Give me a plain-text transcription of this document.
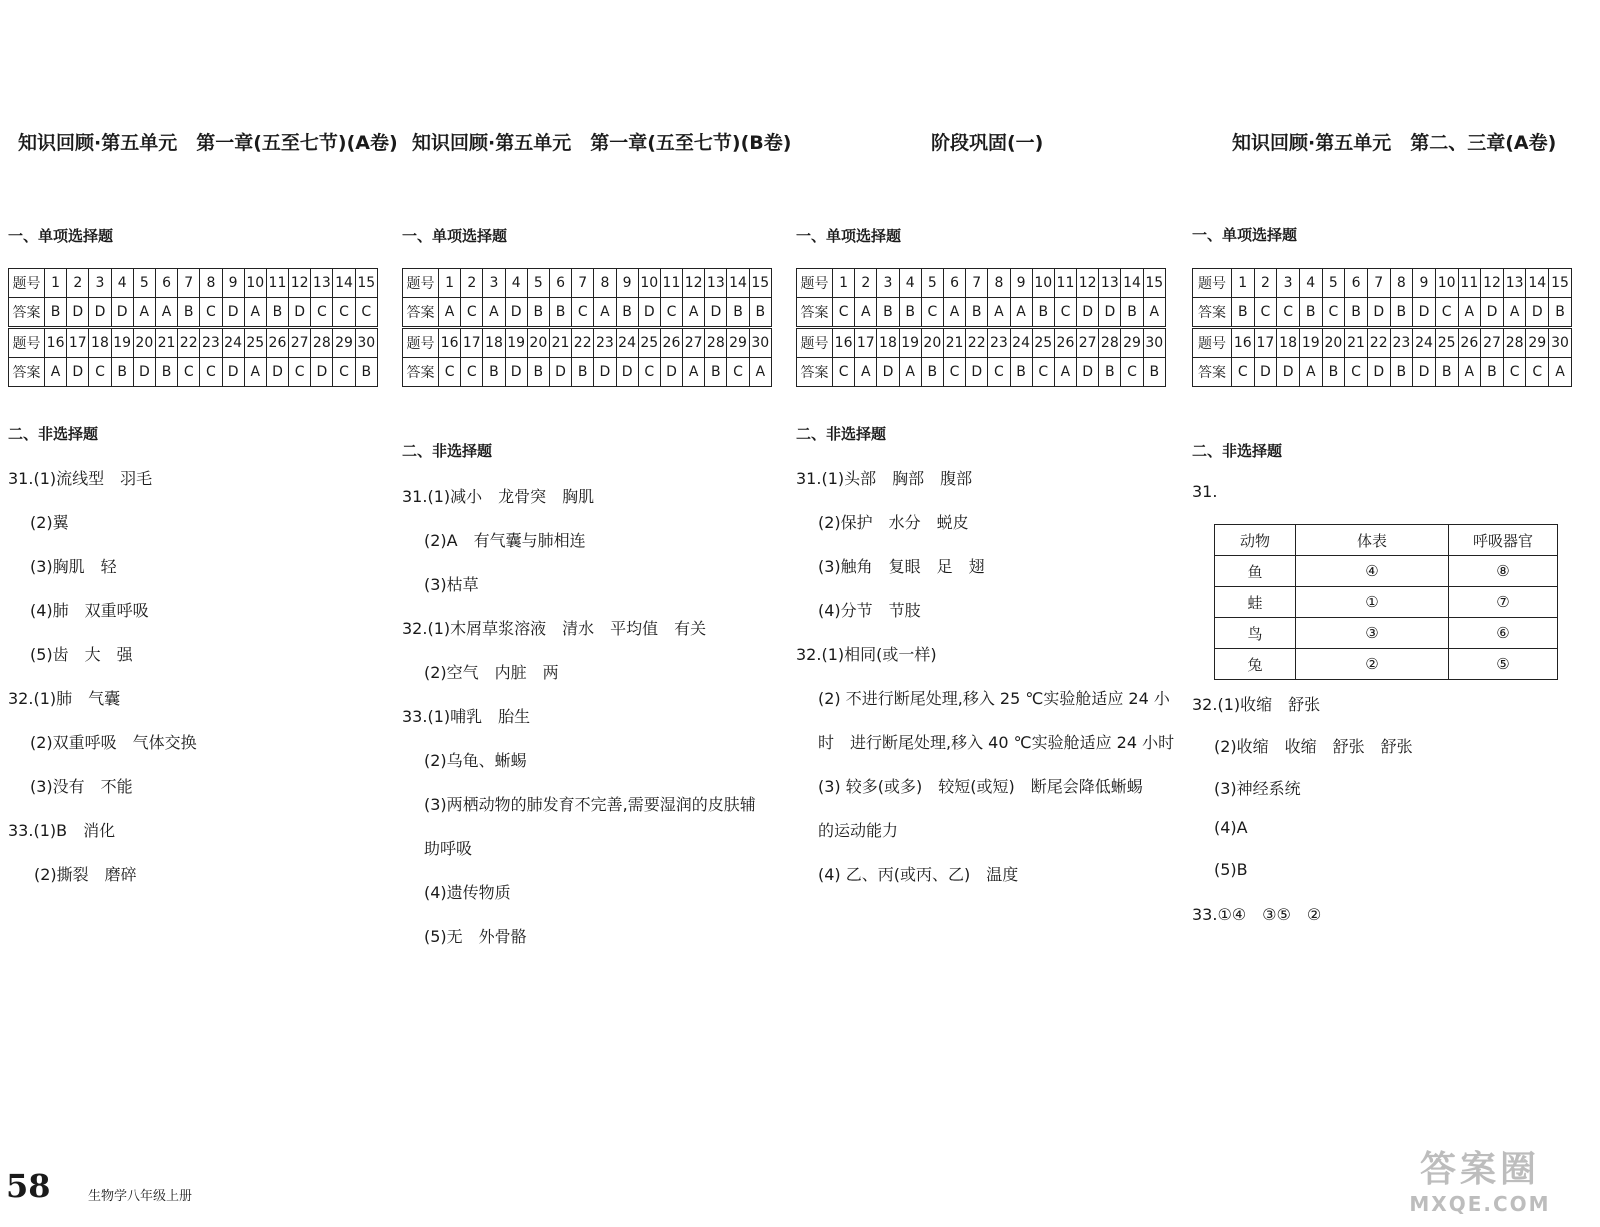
知识回顾·第五单元　第一章(五至七节)(A卷)
一、单项选择题
题号	1	2	3	4	5	6	7	8	9	10	11	12	13	14	15
答案	B	D	D	D	A	A	B	C	D	A	B	D	C	C	C
题号	16	17	18	19	20	21	22	23	24	25	26	27	28	29	30
答案	A	D	C	B	D	B	C	C	D	A	D	C	D	C	B
二、非选择题
31.(1)流线型　羽毛
(2)翼
(3)胸肌　轻
(4)肺　双重呼吸
(5)齿　大　强
32.(1)肺　气囊
(2)双重呼吸　气体交换
(3)没有　不能
33.(1)B　消化
(2)撕裂　磨碎
知识回顾·第五单元　第一章(五至七节)(B卷)
一、单项选择题
题号	1	2	3	4	5	6	7	8	9	10	11	12	13	14	15
答案	A	C	A	D	B	B	C	A	B	D	C	A	D	B	B
题号	16	17	18	19	20	21	22	23	24	25	26	27	28	29	30
答案	C	C	B	D	B	D	B	D	D	C	D	A	B	C	A
二、非选择题
31.(1)减小　龙骨突　胸肌
(2)A　有气囊与肺相连
(3)枯草
32.(1)木屑草浆溶液　清水　平均值　有关
(2)空气　内脏　两
33.(1)哺乳　胎生
(2)乌龟、蜥蜴
(3)两栖动物的肺发育不完善,需要湿润的皮肤辅
助呼吸
(4)遗传物质
(5)无　外骨骼
阶段巩固(一)
一、单项选择题
题号	1	2	3	4	5	6	7	8	9	10	11	12	13	14	15
答案	C	A	B	B	C	A	B	A	A	B	C	D	D	B	A
题号	16	17	18	19	20	21	22	23	24	25	26	27	28	29	30
答案	C	A	D	A	B	C	D	C	B	C	A	D	B	C	B
二、非选择题
31.(1)头部　胸部　腹部
(2)保护　水分　蜕皮
(3)触角　复眼　足　翅
(4)分节　节肢
32.(1)相同(或一样)
(2) 不进行断尾处理,移入 25 ℃实验舱适应 24 小
时　进行断尾处理,移入 40 ℃实验舱适应 24 小时
(3) 较多(或多)　较短(或短)　断尾会降低蜥蜴
的运动能力
(4) 乙、丙(或丙、乙)　温度
知识回顾·第五单元　第二、三章(A卷)
一、单项选择题
题号	1	2	3	4	5	6	7	8	9	10	11	12	13	14	15
答案	B	C	C	B	C	B	D	B	D	C	A	D	A	D	B
题号	16	17	18	19	20	21	22	23	24	25	26	27	28	29	30
答案	C	D	D	A	B	C	D	B	D	B	A	B	C	C	A
二、非选择题
31.
动物	体表	呼吸器官
鱼	④	⑧
蛙	①	⑦
鸟	③	⑥
兔	②	⑤
32.(1)收缩　舒张
(2)收缩　收缩　舒张　舒张
(3)神经系统
(4)A
(5)B
33.①④　③⑤　②
58	生物学八年级上册
答案圈
MXQE.COM
